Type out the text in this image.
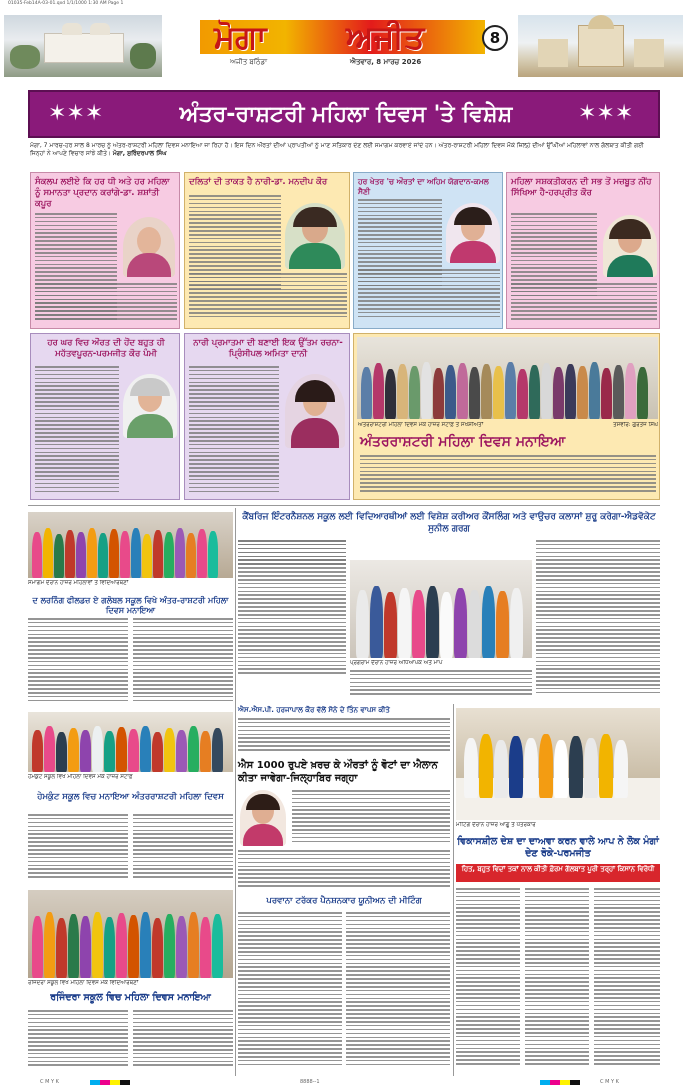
01035-Feb14A-03-01.qxd 1/1/1000 1:30 AM Page 1
ਮੋਗਾ ਅਜੀਤ
ਅਜੀਤ ਬਠਿੰਡਾ	ਐਤਵਾਰ, 8 ਮਾਰਚ 2026
8
✶✶✶	ਅੰਤਰ-ਰਾਸ਼ਟਰੀ ਮਹਿਲਾ ਦਿਵਸ 'ਤੇ ਵਿਸ਼ੇਸ਼	✶✶✶
ਮੋਗਾ, 7 ਮਾਰਚ-ਹਰ ਸਾਲ 8 ਮਾਰਚ ਨੂੰ ਅੰਤਰ-ਰਾਸ਼ਟਰੀ ਮਹਿਲਾ ਦਿਵਸ ਮਨਾਇਆ ਜਾ ਰਿਹਾ ਹੈ। ਇਸ ਦਿਨ ਔਰਤਾਂ ਦੀਆਂ ਪ੍ਰਾਪਤੀਆਂ ਨੂੰ ਮਾਣ ਸਤਿਕਾਰ ਦੇਣ ਲਈ ਸਮਾਗਮ ਕਰਵਾਏ ਜਾਂਦੇ ਹਨ। ਅੰਤਰ-ਰਾਸ਼ਟਰੀ ਮਹਿਲਾ ਦਿਵਸ ਮੌਕੇ ਜ਼ਿਲ੍ਹੇ ਦੀਆਂ ਉੱਘੀਆਂ ਮਹਿਲਾਵਾਂ ਨਾਲ ਗੱਲਬਾਤ ਕੀਤੀ ਗਈ ਜਿਨ੍ਹਾਂ ਨੇ ਆਪਣੇ ਵਿਚਾਰ ਸਾਂਝੇ ਕੀਤੇ। ਮੋਗਾ, ਸੁਰਿੰਦਰਪਾਲ ਸਿੰਘ
ਸੰਕਲਪ ਲਈਏ ਕਿ ਹਰ ਧੀ ਅਤੇ ਹਰ ਮਹਿਲਾ ਨੂੰ ਸਮਾਨਤਾ ਪ੍ਰਦਾਨ ਕਰਾਂਗੇ-ਡਾ. ਸ਼ਸ਼ਾਂਤੀ ਕਪੂਰ
ਦਲਿਤਾਂ ਦੀ ਤਾਕਤ ਹੈ ਨਾਰੀ-ਡਾ. ਮਨਦੀਪ ਕੌਰ	ਹਰ ਖੇਤਰ 'ਚ ਔਰਤਾਂ ਦਾ ਅਹਿਮ ਯੋਗਦਾਨ-ਕਮਲ ਸੈਣੀ
ਮਹਿਲਾ ਸਸ਼ਕਤੀਕਰਨ ਦੀ ਸਭ ਤੋਂ ਮਜ਼ਬੂਤ ਨੀਂਹ ਸਿੱਖਿਆ ਹੈ-ਹਰਪ੍ਰੀਤ ਕੌਰ
ਹਰ ਘਰ ਵਿਚ ਔਰਤ ਦੀ ਹੋਂਦ ਬਹੁਤ ਹੀ ਮਹੱਤਵਪੂਰਨ-ਪਰਮਜੀਤ ਕੌਰ ਪੰਮੀ
ਨਾਰੀ ਪ੍ਰਮਾਤਮਾ ਦੀ ਬਣਾਈ ਇਕ ਉੱਤਮ ਰਚਨਾ-ਪ੍ਰਿੰਸੀਪਲ ਅਮਿਤਾ ਦਾਨੀ
ਅੰਤਰਰਾਸ਼ਟਰੀ ਮਹਿਲਾ ਦਿਵਸ ਮੌਕੇ ਹਾਜ਼ਰ ਸਟਾਫ਼ ਤੇ ਸਖਸ਼ੀਅਤਾਂ	ਤਸਵੀਰ: ਗੁਰਤੇਜ ਸਿੰਘ
ਅੰਤਰਰਾਸ਼ਟਰੀ ਮਹਿਲਾ ਦਿਵਸ ਮਨਾਇਆ
ਸਮਾਗਮ ਦੌਰਾਨ ਹਾਜ਼ਰ ਮਹਿਲਾਵਾਂ ਤੇ ਵਿਦਿਆਰਥਣਾਂ
ਦ ਲਰਨਿੰਗ ਫੀਲਡਜ਼ ਏ ਗਲੋਬਲ ਸਕੂਲ ਵਿਖੇ ਅੰਤਰ-ਰਾਸ਼ਟਰੀ ਮਹਿਲਾ ਦਿਵਸ ਮਨਾਇਆ
ਹੇਮਕੁੰਟ ਸਕੂਲ ਵਿਖੇ ਮਹਿਲਾ ਦਿਵਸ ਮੌਕੇ ਹਾਜ਼ਰ ਸਟਾਫ਼
ਹੇਮਕੁੰਟ ਸਕੂਲ ਵਿਚ ਮਨਾਇਆ ਅੰਤਰਰਾਸ਼ਟਰੀ ਮਹਿਲਾ ਦਿਵਸ
ਰਜਿੰਦਰਾ ਸਕੂਲ ਵਿਖੇ ਮਹਿਲਾ ਦਿਵਸ ਮੌਕੇ ਵਿਦਿਆਰਥਣਾਂ
ਰਜਿੰਦਰਾ ਸਕੂਲ ਵਿਚ ਮਹਿਲਾ ਦਿਵਸ ਮਨਾਇਆ
ਕੈਂਬਰਿਜ ਇੰਟਰਨੈਸ਼ਨਲ ਸਕੂਲ ਲਈ ਵਿਦਿਆਰਥੀਆਂ ਲਈ ਵਿਸ਼ੇਸ਼ ਕਰੀਅਰ ਕੌਂਸਲਿੰਗ ਅਤੇ ਵਾਉਚਰ ਕਲਾਸਾਂ ਸ਼ੁਰੂ ਕਰੇਗਾ-ਐਡਵੋਕੇਟ ਸੁਨੀਲ ਗਰਗ
ਪ੍ਰੋਗਰਾਮ ਦੌਰਾਨ ਹਾਜ਼ਰ ਅਧਿਆਪਕ ਅਤੇ ਮਾਪੇ
ਐਸ.ਐਸ.ਪੀ. ਹਰਜਾਪਾਲ ਕੌਰ ਵੱਲੋਂ ਸੋਨੇ ਦੇ ਤਿੰਨ ਵਾਪਸ ਕੀਤੇ
ਐਸ 1000 ਰੁਪਏ ਖ਼ਰਚ ਕੇ ਔਰਤਾਂ ਨੂੰ ਵੋਟਾਂ ਦਾ ਐਲਾਨ ਕੀਤਾ ਜਾਵੇਗਾ-ਜਿਲ੍ਹਾਬਿਰ ਜਗ੍ਹਾ
ਪਰਵਾਨਾ ਟਰੱਕਰ ਪੈਨਸ਼ਨਕਾਰ ਯੂਨੀਅਨ ਦੀ ਮੀਟਿੰਗ
ਮੀਟਿੰਗ ਦੌਰਾਨ ਹਾਜ਼ਰ ਆਗੂ ਤੇ ਪੱਤਰਕਾਰ
ਵਿਕਾਸਸ਼ੀਲ ਦੇਸ਼ ਦਾ ਦਾਅਵਾ ਕਰਨ ਵਾਲੇ ਆਪ ਨੇ ਲੋਕ ਮੰਗਾਂ ਦੇਣ ਰੋਕੇ-ਪਰਮਜੀਤ
ਹਿਤ, ਬਹੁਤ ਵਿਦਾਂ ਤਕਾਂ ਨਾਲ ਕੀਤੀ ਫ਼ੋਰਮ ਗੱਲਬਾਤ ਪੂਰੀ ਤਰ੍ਹਾਂ ਕਿਸਾਨ ਵਿਰੋਧੀ
C M Y K	8888--1	C M Y K
